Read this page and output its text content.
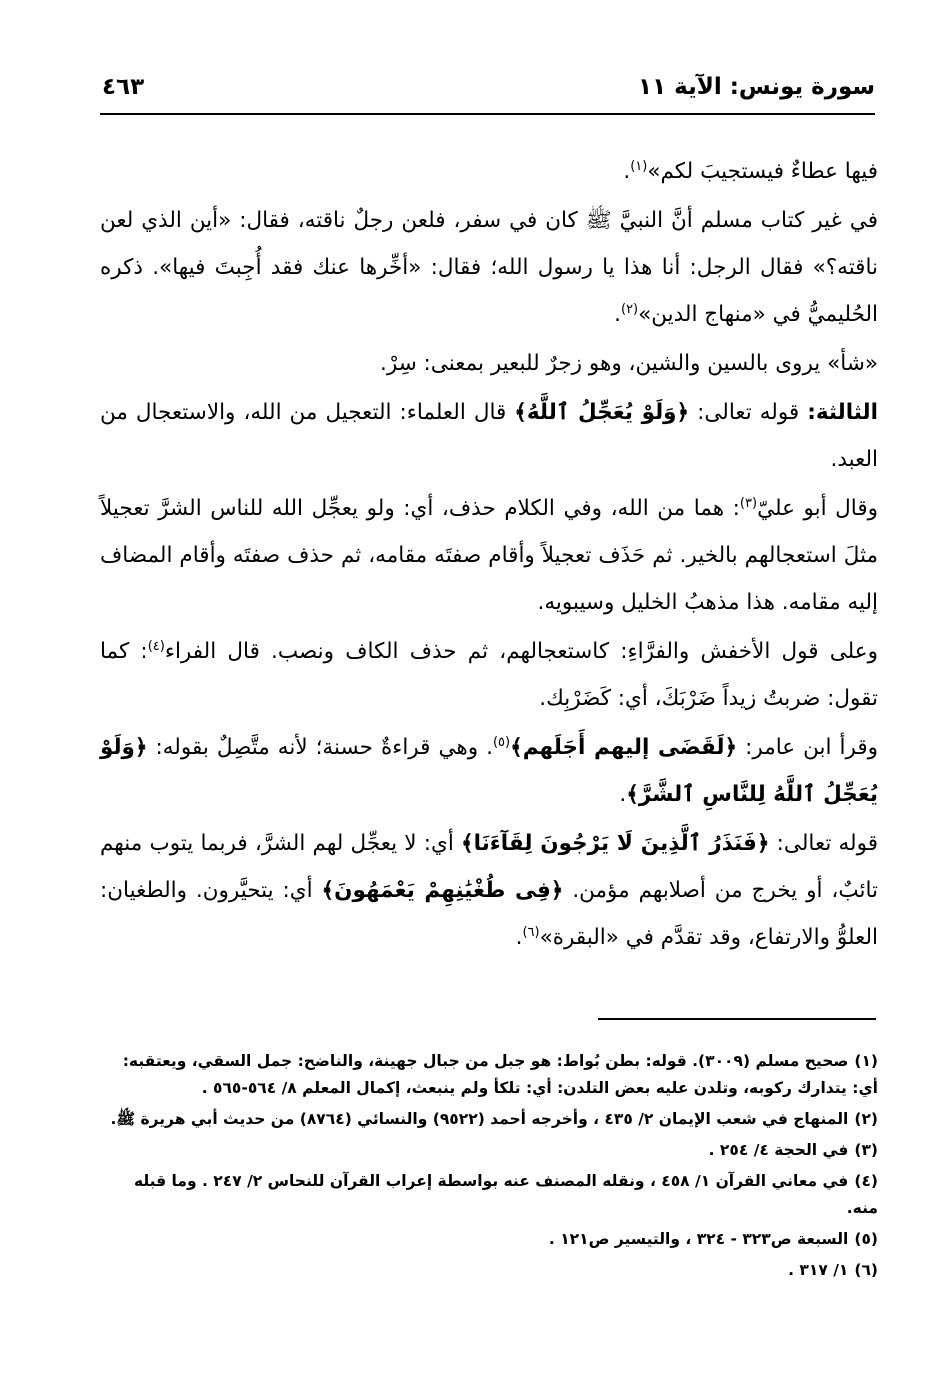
سورة يونس: الآية ١١
٤٦٣

فيها عطاءٌ فيستجيبَ لكم»$^{(١)}$.

في غير كتاب مسلم أنَّ النبيَّ ﷺ كان في سفر، فلعن رجلٌ ناقته، فقال: «أين الذي لعن ناقته؟» فقال الرجل: أنا هذا يا رسول الله؛ فقال: «أخِّرها عنك فقد أُجِبتَ فيها». ذكره الحُليميُّ في «منهاج الدين»$^{(٢)}$.

«شأ» يروى بالسين والشين، وهو زجرٌ للبعير بمعنى: سِرْ.

الثالثة: قوله تعالى: ﴿وَلَوْ يُعَجِّلُ ٱللَّهُ﴾ قال العلماء: التعجيل من الله، والاستعجال من العبد.

وقال أبو عليّ$^{(٣)}$: هما من الله، وفي الكلام حذف، أي: ولو يعجِّل الله للناس الشرَّ تعجيلاً مثلَ استعجالهم بالخير. ثم حَذَف تعجيلاً وأقام صفتَه مقامه، ثم حذف صفتَه وأقام المضاف إليه مقامه. هذا مذهبُ الخليل وسيبويه.

وعلى قول الأخفش والفرَّاءِ: كاستعجالهم، ثم حذف الكاف ونصب. قال الفراء$^{(٤)}$: كما تقول: ضربتُ زيداً ضَرْبَكَ، أي: كَضَرْبِك.

وقرأ ابن عامر: ﴿لَقَضَى إليهم أَجَلَهم﴾$^{(٥)}$. وهي قراءةٌ حسنة؛ لأنه متَّصِلٌ بقوله: ﴿وَلَوْ يُعَجِّلُ ٱللَّهُ لِلنَّاسِ ٱلشَّرَّ﴾.

قوله تعالى: ﴿فَنَذَرُ ٱلَّذِينَ لَا يَرْجُونَ لِقَآءَنَا﴾ أي: لا يعجِّل لهم الشرَّ، فربما يتوب منهم تائبٌ، أو يخرج من أصلابهم مؤمن. ﴿فِى طُغْيَٰنِهِمْ يَعْمَهُونَ﴾ أي: يتحيَّرون. والطغيان: العلوُّ والارتفاع، وقد تقدَّم في «البقرة»$^{(٦)}$.

(١)صحيح مسلم (٣٠٠٩). قوله: بطن بُواط: هو جبل من جبال جهينة، والناضح: جمل السقي، ويعتقبه:

أي: يتدارك ركوبه، وتلدن عليه بعض التلدن: أي: تلكأ ولم ينبعث، إكمال المعلم ٨/ ٥٦٤-٥٦٥ .

(٢)المنهاج في شعب الإيمان ٢/ ٤٣٥ ، وأخرجه أحمد (٩٥٢٢) والنسائي (٨٧٦٤) من حديث أبي هريرة ﷺ.

(٣)في الحجة ٤/ ٢٥٤ .

(٤)في معاني القرآن ١/ ٤٥٨ ، ونقله المصنف عنه بواسطة إعراب القرآن للنحاس ٢/ ٢٤٧ . وما قبله منه.

(٥)السبعة ص٣٢٣ - ٣٢٤ ، والتيسير ص١٢١ .

(٦)١/ ٣١٧ .
